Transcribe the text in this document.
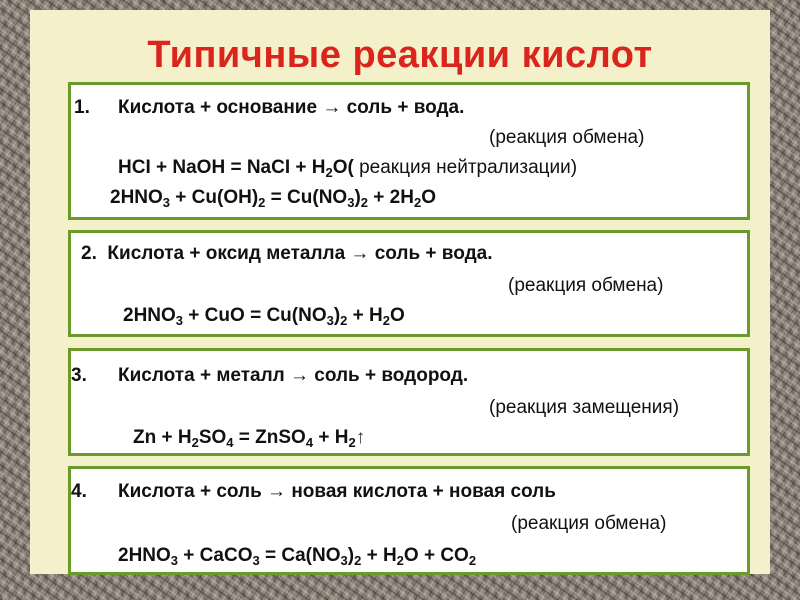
Типичные реакции кислот
1. Кислота + основание → соль + вода.
(реакция обмена)
HCI + NaOH = NaCI + $H_2O$( реакция нейтрализации)
$2HNO_3 + Cu(OH)_2 = Cu(NO_3)_2 + 2H_2O$
2. Кислота + оксид металла → соль + вода.
(реакция обмена)
$2HNO_3$ + CuO = $Cu(NO_3)_2 + H_2O$
3. Кислота + металл → соль + водород.
(реакция замещения)
$Zn + H_2SO_4$ = ZnSO$_4$ + $H_2↑$
4. Кислота + соль → новая кислота + новая соль
(реакция обмена)
$2HNO_3$ + CaCO$_3$ = $Ca(NO_3)_2 + H_2O + CO_2$
